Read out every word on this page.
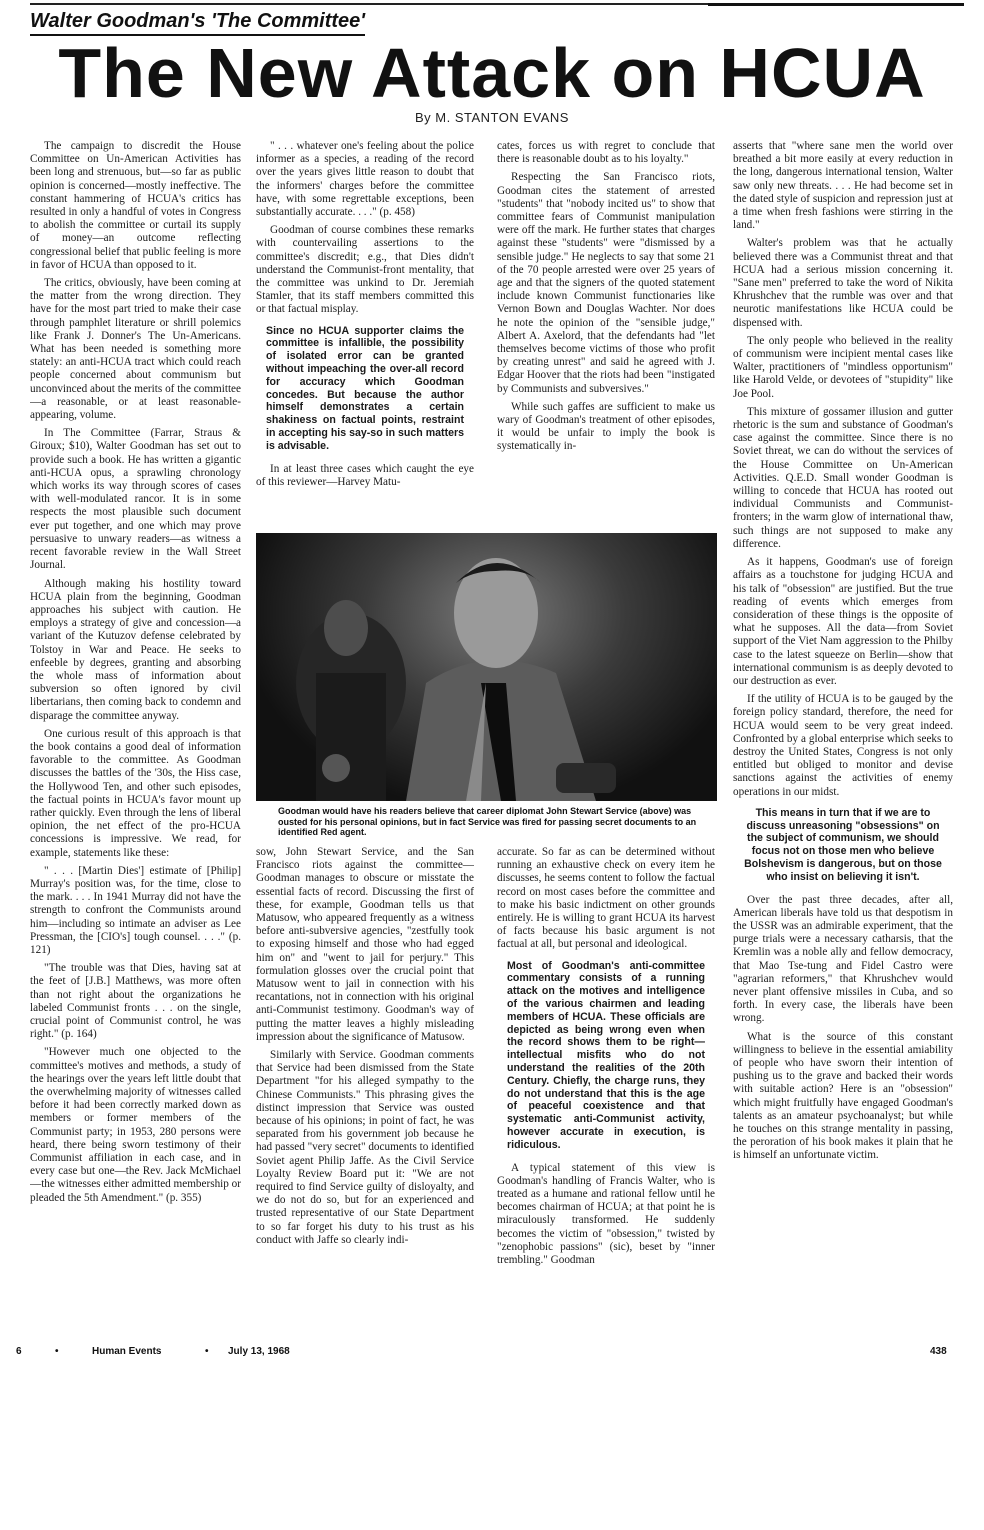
Walter Goodman's 'The Committee'
The New Attack on HCUA
By M. STANTON EVANS

The campaign to discredit the House Committee on Un-American Activities has been long and strenuous, but—so far as public opinion is concerned—mostly ineffective. The constant hammering of HCUA's critics has resulted in only a handful of votes in Congress to abolish the committee or curtail its supply of money—an outcome reflecting congressional belief that public feeling is more in favor of HCUA than opposed to it.

The critics, obviously, have been coming at the matter from the wrong direction. They have for the most part tried to make their case through pamphlet literature or shrill polemics like Frank J. Donner's The Un-Americans. What has been needed is something more stately: an anti-HCUA tract which could reach people concerned about communism but unconvinced about the merits of the committee—a reasonable, or at least reasonable-appearing, volume.

In The Committee (Farrar, Straus & Giroux; $10), Walter Goodman has set out to provide such a book. He has written a gigantic anti-HCUA opus, a sprawling chronology which works its way through scores of cases with well-modulated rancor. It is in some respects the most plausible such document ever put together, and one which may prove persuasive to unwary readers—as witness a recent favorable review in the Wall Street Journal.

Although making his hostility toward HCUA plain from the beginning, Goodman approaches his subject with caution. He employs a strategy of give and concession—a variant of the Kutuzov defense celebrated by Tolstoy in War and Peace. He seeks to enfeeble by degrees, granting and absorbing the whole mass of information about subversion so often ignored by civil libertarians, then coming back to condemn and disparage the committee anyway.

One curious result of this approach is that the book contains a good deal of information favorable to the committee. As Goodman discusses the battles of the '30s, the Hiss case, the Hollywood Ten, and other such episodes, the factual points in HCUA's favor mount up rather quickly. Even through the lens of liberal opinion, the net effect of the pro-HCUA concessions is impressive. We read, for example, statements like these:

" . . . [Martin Dies'] estimate of [Philip] Murray's position was, for the time, close to the mark. . . . In 1941 Murray did not have the strength to confront the Communists around him—including so intimate an adviser as Lee Pressman, the [CIO's] tough counsel. . . ." (p. 121)

"The trouble was that Dies, having sat at the feet of [J.B.] Matthews, was more often than not right about the organizations he labeled Communist fronts . . . on the single, crucial point of Communist control, he was right." (p. 164)

"However much one objected to the committee's motives and methods, a study of the hearings over the years left little doubt that the overwhelming majority of witnesses called before it had been correctly marked down as members or former members of the Communist party; in 1953, 280 persons were heard, there being sworn testimony of their Communist affiliation in each case, and in every case but one—the Rev. Jack McMichael—the witnesses either admitted membership or pleaded the 5th Amendment." (p. 355)

" . . . whatever one's feeling about the police informer as a species, a reading of the record over the years gives little reason to doubt that the informers' charges before the committee have, with some regrettable exceptions, been substantially accurate. . . ." (p. 458)

Goodman of course combines these remarks with countervailing assertions to the committee's discredit; e.g., that Dies didn't understand the Communist-front mentality, that the committee was unkind to Dr. Jeremiah Stamler, that its staff members committed this or that factual misplay.

Since no HCUA supporter claims the committee is infallible, the possibility of isolated error can be granted without impeaching the over-all record for accuracy which Goodman concedes. But because the author himself demonstrates a certain shakiness on factual points, restraint in accepting his say-so in such matters is advisable.

In at least three cases which caught the eye of this reviewer—Harvey Matu-

cates, forces us with regret to conclude that there is reasonable doubt as to his loyalty."

Respecting the San Francisco riots, Goodman cites the statement of arrested "students" that "nobody incited us" to show that committee fears of Communist manipulation were off the mark. He further states that charges against these "students" were "dismissed by a sensible judge." He neglects to say that some 21 of the 70 people arrested were over 25 years of age and that the signers of the quoted statement include known Communist functionaries like Vernon Bown and Douglas Wachter. Nor does he note the opinion of the "sensible judge," Albert A. Axelord, that the defendants had "let themselves become victims of those who profit by creating unrest" and said he agreed with J. Edgar Hoover that the riots had been "instigated by Communists and subversives."

While such gaffes are sufficient to make us wary of Goodman's treatment of other episodes, it would be unfair to imply the book is systematically in-

Goodman would have his readers believe that career diplomat John Stewart Service (above) was ousted for his personal opinions, but in fact Service was fired for passing secret documents to an identified Red agent.

sow, John Stewart Service, and the San Francisco riots against the committee—Goodman manages to obscure or misstate the essential facts of record. Discussing the first of these, for example, Goodman tells us that Matusow, who appeared frequently as a witness before anti-subversive agencies, "zestfully took to exposing himself and those who had egged him on" and "went to jail for perjury." This formulation glosses over the crucial point that Matusow went to jail in connection with his recantations, not in connection with his original anti-Communist testimony. Goodman's way of putting the matter leaves a highly misleading impression about the significance of Matusow.

Similarly with Service. Goodman comments that Service had been dismissed from the State Department "for his alleged sympathy to the Chinese Communists." This phrasing gives the distinct impression that Service was ousted because of his opinions; in point of fact, he was separated from his government job because he had passed "very secret" documents to identified Soviet agent Philip Jaffe. As the Civil Service Loyalty Review Board put it: "We are not required to find Service guilty of disloyalty, and we do not do so, but for an experienced and trusted representative of our State Department to so far forget his duty to his trust as his conduct with Jaffe so clearly indi-

accurate. So far as can be determined without running an exhaustive check on every item he discusses, he seems content to follow the factual record on most cases before the committee and to make his basic indictment on other grounds entirely. He is willing to grant HCUA its harvest of facts because his basic argument is not factual at all, but personal and ideological.

Most of Goodman's anti-committee commentary consists of a running attack on the motives and intelligence of the various chairmen and leading members of HCUA. These officials are depicted as being wrong even when the record shows them to be right—intellectual misfits who do not understand the realities of the 20th Century. Chiefly, the charge runs, they do not understand that this is the age of peaceful coexistence and that systematic anti-Communist activity, however accurate in execution, is ridiculous.

A typical statement of this view is Goodman's handling of Francis Walter, who is treated as a humane and rational fellow until he becomes chairman of HCUA; at that point he is miraculously transformed. He suddenly becomes the victim of "obsession," twisted by "zenophobic passions" (sic), beset by "inner trembling." Goodman

asserts that "where sane men the world over breathed a bit more easily at every reduction in the long, dangerous international tension, Walter saw only new threats. . . . He had become set in the dated style of suspicion and repression just at a time when fresh fashions were stirring in the land."

Walter's problem was that he actually believed there was a Communist threat and that HCUA had a serious mission concerning it. "Sane men" preferred to take the word of Nikita Khrushchev that the rumble was over and that neurotic manifestations like HCUA could be dispensed with.

The only people who believed in the reality of communism were incipient mental cases like Walter, practitioners of "mindless opportunism" like Harold Velde, or devotees of "stupidity" like Joe Pool.

This mixture of gossamer illusion and gutter rhetoric is the sum and substance of Goodman's case against the committee. Since there is no Soviet threat, we can do without the services of the House Committee on Un-American Activities. Q.E.D. Small wonder Goodman is willing to concede that HCUA has rooted out individual Communists and Communist-fronters; in the warm glow of international thaw, such things are not supposed to make any difference.

As it happens, Goodman's use of foreign affairs as a touchstone for judging HCUA and his talk of "obsession" are justified. But the true reading of events which emerges from consideration of these things is the opposite of what he supposes. All the data—from Soviet support of the Viet Nam aggression to the Philby case to the latest squeeze on Berlin—show that international communism is as deeply devoted to our destruction as ever.

If the utility of HCUA is to be gauged by the foreign policy standard, therefore, the need for HCUA would seem to be very great indeed. Confronted by a global enterprise which seeks to destroy the United States, Congress is not only entitled but obliged to monitor and devise sanctions against the activities of enemy operations in our midst.

This means in turn that if we are to discuss unreasoning "obsessions" on the subject of communism, we should focus not on those men who believe Bolshevism is dangerous, but on those who insist on believing it isn't.

Over the past three decades, after all, American liberals have told us that despotism in the USSR was an admirable experiment, that the purge trials were a necessary catharsis, that the Kremlin was a noble ally and fellow democracy, that Mao Tse-tung and Fidel Castro were "agrarian reformers," that Khrushchev would never plant offensive missiles in Cuba, and so forth. In every case, the liberals have been wrong.

What is the source of this constant willingness to believe in the essential amiability of people who have sworn their intention of pushing us to the grave and backed their words with suitable action? Here is an "obsession" which might fruitfully have engaged Goodman's talents as an amateur psychoanalyst; but while he touches on this strange mentality in passing, the peroration of his book makes it plain that he is himself an unfortunate victim.

6	•	Human Events	• July 13, 1968	438
